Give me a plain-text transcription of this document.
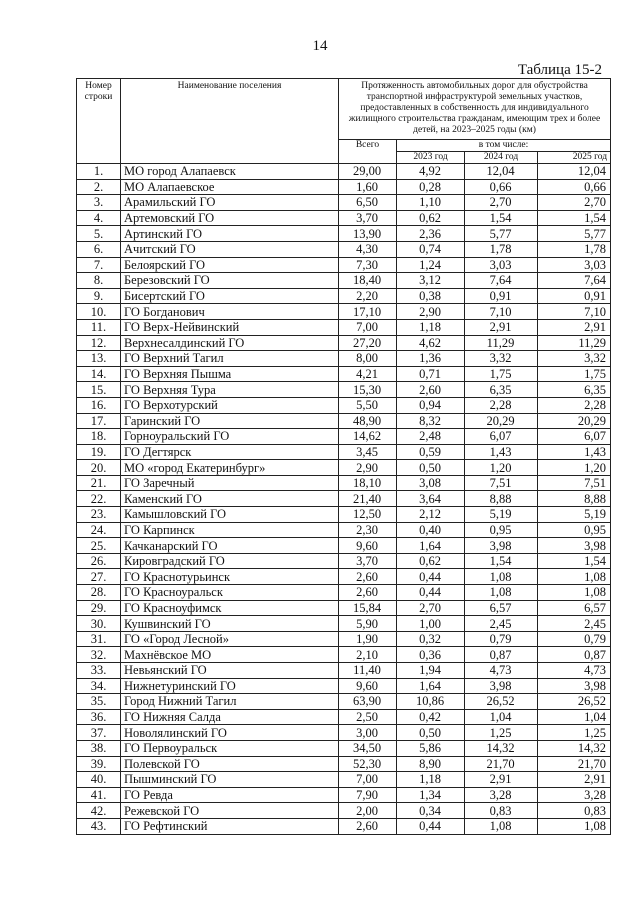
14
Таблица 15-2
Номер строки	Наименование поселения	Протяженность автомобильных дорог для обустройства транспортной инфраструктурой земельных участков, предоставленных в собственность для индивидуального жилищного строительства гражданам, имеющим трех и более детей, на 2023–2025 годы (км)			
		Всего	в том числе:		
			2023 год	2024 год	2025 год
1.	МО город Алапаевск	29,00	4,92	12,04	12,04
2.	МО Алапаевское	1,60	0,28	0,66	0,66
3.	Арамильский ГО	6,50	1,10	2,70	2,70
4.	Артемовский ГО	3,70	0,62	1,54	1,54
5.	Артинский ГО	13,90	2,36	5,77	5,77
6.	Ачитский ГО	4,30	0,74	1,78	1,78
7.	Белоярский ГО	7,30	1,24	3,03	3,03
8.	Березовский ГО	18,40	3,12	7,64	7,64
9.	Бисертский ГО	2,20	0,38	0,91	0,91
10.	ГО Богданович	17,10	2,90	7,10	7,10
11.	ГО Верх-Нейвинский	7,00	1,18	2,91	2,91
12.	Верхнесалдинский ГО	27,20	4,62	11,29	11,29
13.	ГО Верхний Тагил	8,00	1,36	3,32	3,32
14.	ГО Верхняя Пышма	4,21	0,71	1,75	1,75
15.	ГО Верхняя Тура	15,30	2,60	6,35	6,35
16.	ГО Верхотурский	5,50	0,94	2,28	2,28
17.	Гаринский ГО	48,90	8,32	20,29	20,29
18.	Горноуральский ГО	14,62	2,48	6,07	6,07
19.	ГО Дегтярск	3,45	0,59	1,43	1,43
20.	МО «город Екатеринбург»	2,90	0,50	1,20	1,20
21.	ГО Заречный	18,10	3,08	7,51	7,51
22.	Каменский ГО	21,40	3,64	8,88	8,88
23.	Камышловский ГО	12,50	2,12	5,19	5,19
24.	ГО Карпинск	2,30	0,40	0,95	0,95
25.	Качканарский ГО	9,60	1,64	3,98	3,98
26.	Кировградский ГО	3,70	0,62	1,54	1,54
27.	ГО Краснотурьинск	2,60	0,44	1,08	1,08
28.	ГО Красноуральск	2,60	0,44	1,08	1,08
29.	ГО Красноуфимск	15,84	2,70	6,57	6,57
30.	Кушвинский ГО	5,90	1,00	2,45	2,45
31.	ГО «Город Лесной»	1,90	0,32	0,79	0,79
32.	Махнёвское МО	2,10	0,36	0,87	0,87
33.	Невьянский ГО	11,40	1,94	4,73	4,73
34.	Нижнетуринский ГО	9,60	1,64	3,98	3,98
35.	Город Нижний Тагил	63,90	10,86	26,52	26,52
36.	ГО Нижняя Салда	2,50	0,42	1,04	1,04
37.	Новолялинский ГО	3,00	0,50	1,25	1,25
38.	ГО Первоуральск	34,50	5,86	14,32	14,32
39.	Полевской ГО	52,30	8,90	21,70	21,70
40.	Пышминский ГО	7,00	1,18	2,91	2,91
41.	ГО Ревда	7,90	1,34	3,28	3,28
42.	Режевской ГО	2,00	0,34	0,83	0,83
43.	ГО Рефтинский	2,60	0,44	1,08	1,08
